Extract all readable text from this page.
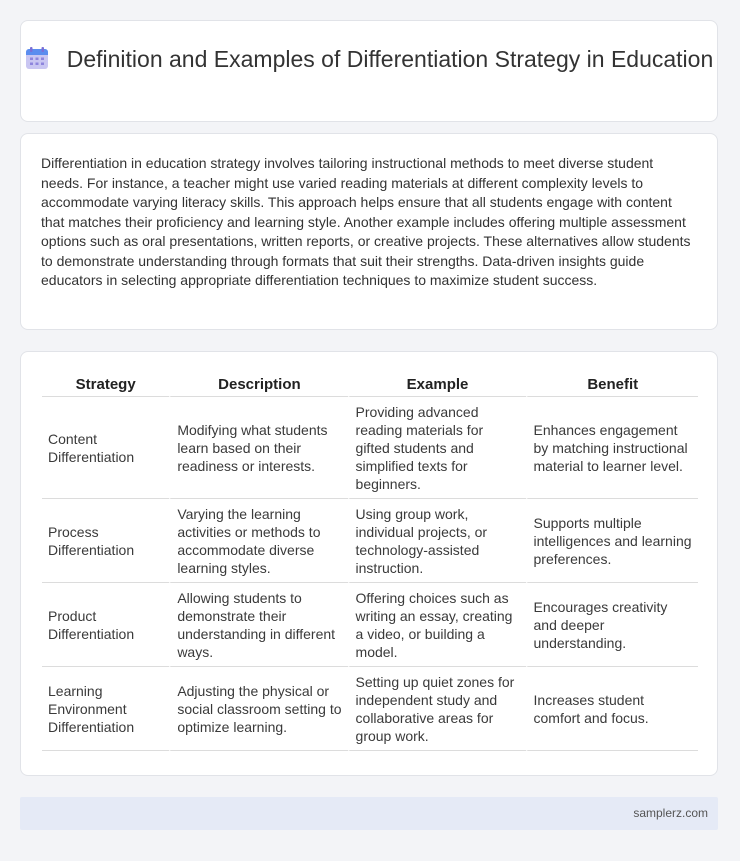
Definition and Examples of Differentiation Strategy in Education
Differentiation in education strategy involves tailoring instructional methods to meet diverse student needs. For instance, a teacher might use varied reading materials at different complexity levels to accommodate varying literacy skills. This approach helps ensure that all students engage with content that matches their proficiency and learning style. Another example includes offering multiple assessment options such as oral presentations, written reports, or creative projects. These alternatives allow students to demonstrate understanding through formats that suit their strengths. Data-driven insights guide educators in selecting appropriate differentiation techniques to maximize student success.
Strategy	Description	Example	Benefit
Content Differentiation	Modifying what students learn based on their readiness or interests.	Providing advanced reading materials for gifted students and simplified texts for beginners.	Enhances engagement by matching instructional material to learner level.
Process Differentiation	Varying the learning activities or methods to accommodate diverse learning styles.	Using group work, individual projects, or technology-assisted instruction.	Supports multiple intelligences and learning preferences.
Product Differentiation	Allowing students to demonstrate their understanding in different ways.	Offering choices such as writing an essay, creating a video, or building a model.	Encourages creativity and deeper understanding.
Learning Environment Differentiation	Adjusting the physical or social classroom setting to optimize learning.	Setting up quiet zones for independent study and collaborative areas for group work.	Increases student comfort and focus.
samplerz.com
